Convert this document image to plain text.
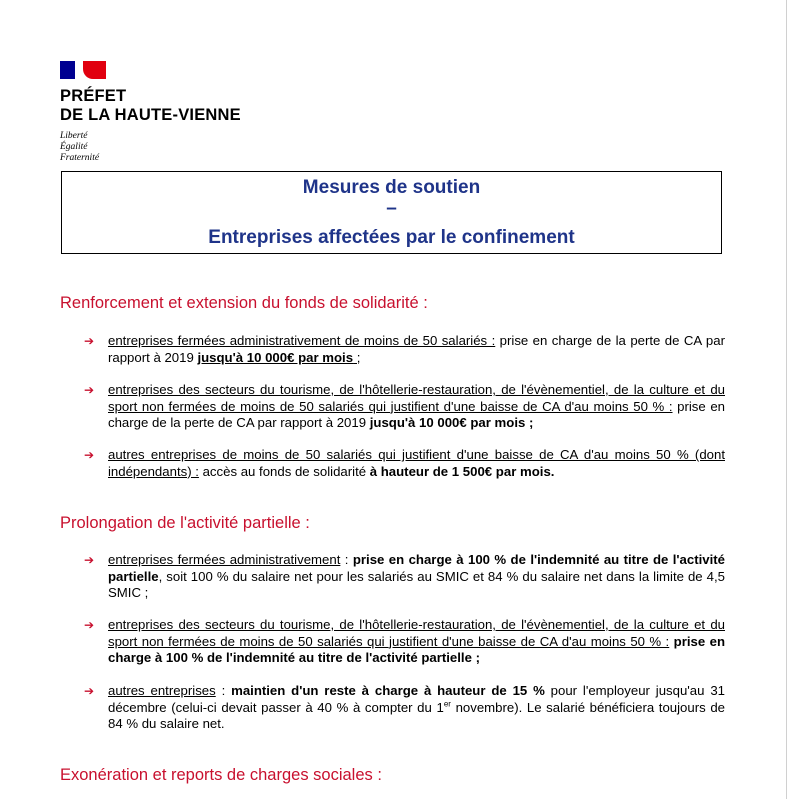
PRÉFET
DE LA HAUTE-VIENNE
Liberté
Égalité
Fraternité
Mesures de soutien
–
Entreprises affectées par le confinement
Renforcement et extension du fonds de solidarité :
➔ entreprises fermées administrativement de moins de 50 salariés : prise en charge de la perte de CA par rapport à 2019 jusqu'à 10 000€ par mois ;
➔ entreprises des secteurs du tourisme, de l'hôtellerie-restauration, de l'évènementiel, de la culture et du sport non fermées de moins de 50 salariés qui justifient d'une baisse de CA d'au moins 50 % : prise en charge de la perte de CA par rapport à 2019 jusqu'à 10 000€ par mois ;
➔ autres entreprises de moins de 50 salariés qui justifient d'une baisse de CA d'au moins 50 % (dont indépendants) : accès au fonds de solidarité à hauteur de 1 500€ par mois.
Prolongation de l'activité partielle :
➔ entreprises fermées administrativement : prise en charge à 100 % de l'indemnité au titre de l'activité partielle, soit 100 % du salaire net pour les salariés au SMIC et 84 % du salaire net dans la limite de 4,5 SMIC ;
➔ entreprises des secteurs du tourisme, de l'hôtellerie-restauration, de l'évènementiel, de la culture et du sport non fermées de moins de 50 salariés qui justifient d'une baisse de CA d'au moins 50 % : prise en charge à 100 % de l'indemnité au titre de l'activité partielle ;
➔ autres entreprises : maintien d'un reste à charge à hauteur de 15 % pour l'employeur jusqu'au 31 décembre (celui-ci devait passer à 40 % à compter du 1er novembre). Le salarié bénéficiera toujours de 84 % du salaire net.
Exonération et reports de charges sociales :
